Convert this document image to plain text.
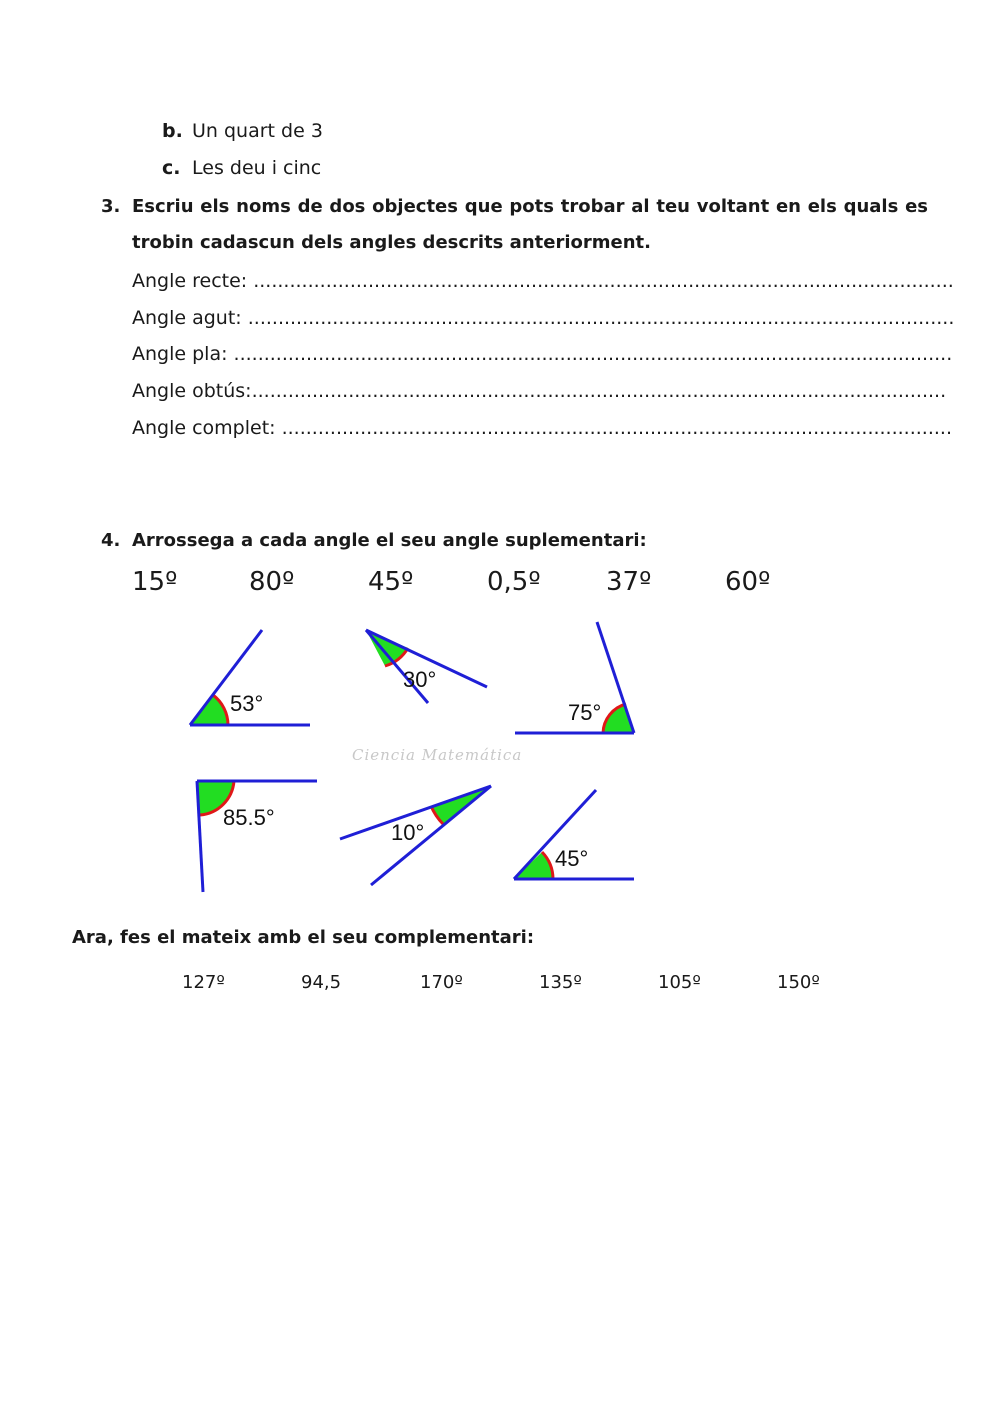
b. Un quart de 3
c. Les deu i cinc
3. Escriu els noms de dos objectes que pots trobar al teu voltant en els quals es
trobin cadascun dels angles descrits anteriorment.
Angle recte: ....................................................................................................................
Angle agut: .....................................................................................................................
Angle pla: .......................................................................................................................
Angle obtús:...................................................................................................................
Angle complet: ...............................................................................................................
4. Arrossega a cada angle el seu angle suplementari:
15º	80º	45º	0,5º	37º	60º
53°
30°
75°
Ciencia Matemática
85.5°
10°
45°
Ara, fes el mateix amb el seu complementari:
127º	94,5	170º	135º	105º	150º
